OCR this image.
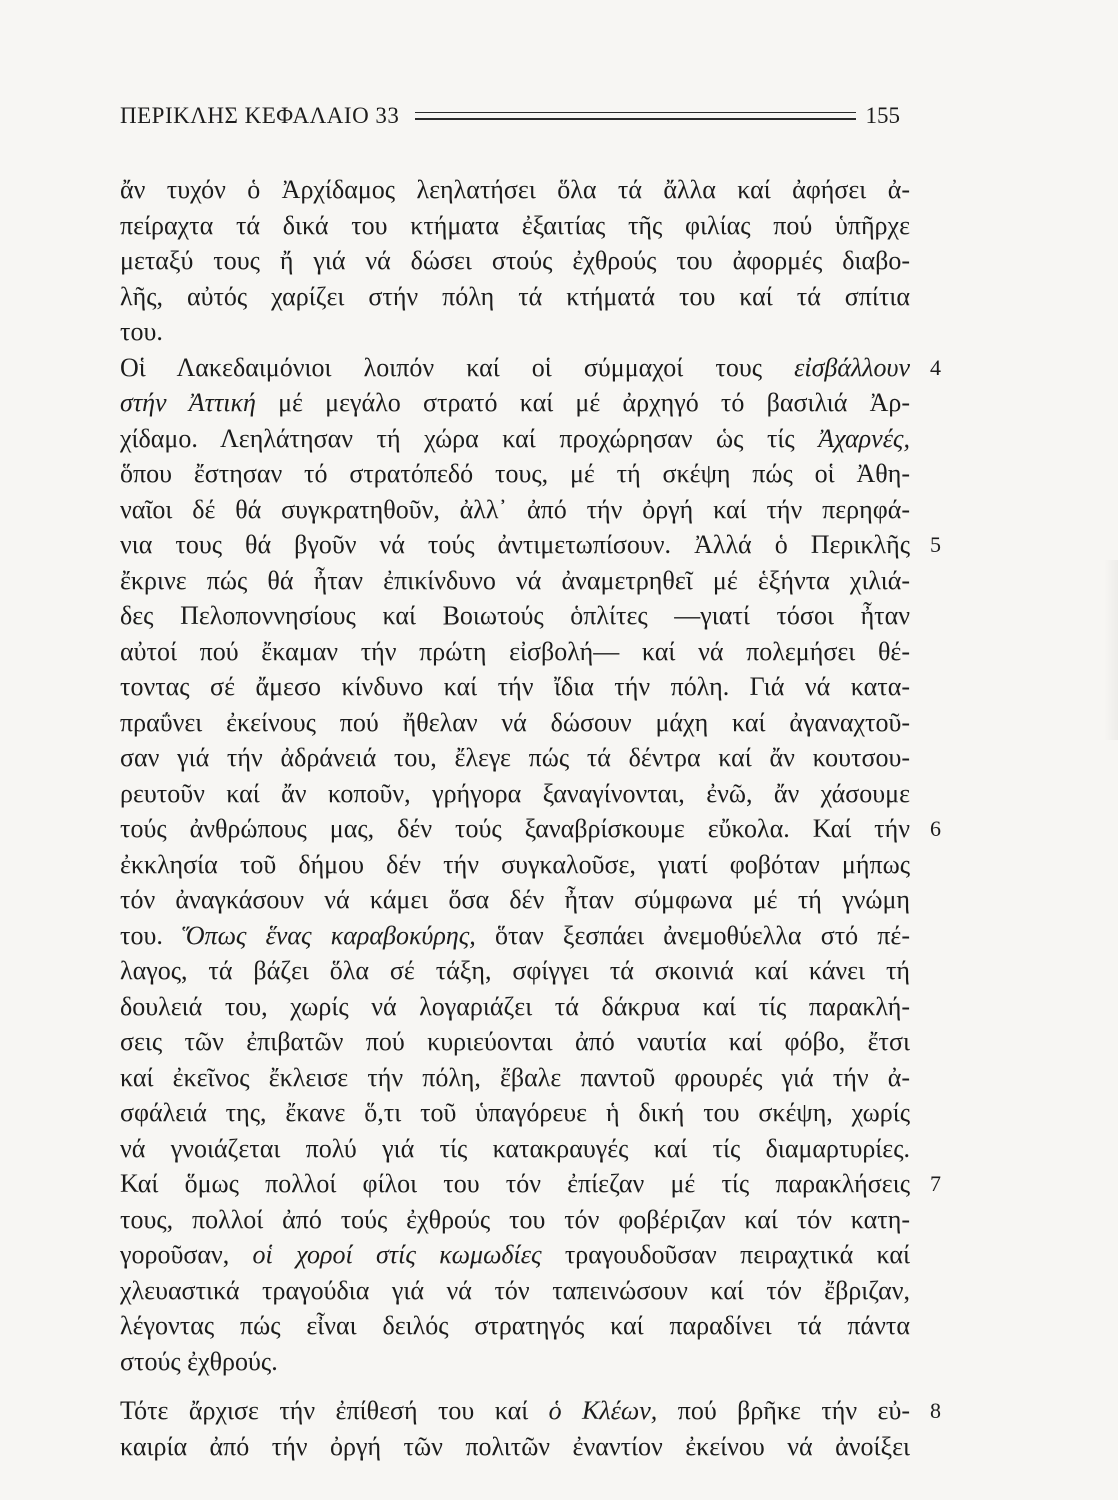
ΠΕΡΙΚΛΗΣ ΚΕΦΑΛΑΙΟ 33	155
ἄν τυχόν ὁ Ἀρχίδαμος λεηλατήσει ὅλα τά ἄλλα καί ἀφήσει ἀ-
πείραχτα τά δικά του κτήματα ἐξαιτίας τῆς φιλίας πού ὑπῆρχε
μεταξύ τους ἤ γιά νά δώσει στούς ἐχθρούς του ἀφορμές διαβο-
λῆς, αὐτός χαρίζει στήν πόλη τά κτήματά του καί τά σπίτια
του.
Οἱ Λακεδαιμόνιοι λοιπόν καί οἱ σύμμαχοί τους εἰσβάλλουν 4
στήν Ἀττική μέ μεγάλο στρατό καί μέ ἀρχηγό τό βασιλιά Ἀρ-
χίδαμο. Λεηλάτησαν τή χώρα καί προχώρησαν ὡς τίς Ἀχαρνές,
ὅπου ἔστησαν τό στρατόπεδό τους, μέ τή σκέψη πώς οἱ Ἀθη-
ναῖοι δέ θά συγκρατηθοῦν, ἀλλ᾽ ἀπό τήν ὀργή καί τήν περηφά-
νια τους θά βγοῦν νά τούς ἀντιμετωπίσουν. Ἀλλά ὁ Περικλῆς 5
ἔκρινε πώς θά ἦταν ἐπικίνδυνο νά ἀναμετρηθεῖ μέ ἑξήντα χιλιά-
δες Πελοποννησίους καί Βοιωτούς ὁπλίτες —γιατί τόσοι ἦταν
αὐτοί πού ἔκαμαν τήν πρώτη εἰσβολή— καί νά πολεμήσει θέ-
τοντας σέ ἄμεσο κίνδυνο καί τήν ἴδια τήν πόλη. Γιά νά κατα-
πραΰνει ἐκείνους πού ἤθελαν νά δώσουν μάχη καί ἀγαναχτοῦ-
σαν γιά τήν ἀδράνειά του, ἔλεγε πώς τά δέντρα καί ἄν κουτσου-
ρευτοῦν καί ἄν κοποῦν, γρήγορα ξαναγίνονται, ἐνῶ, ἄν χάσουμε
τούς ἀνθρώπους μας, δέν τούς ξαναβρίσκουμε εὔκολα. Καί τήν 6
ἐκκλησία τοῦ δήμου δέν τήν συγκαλοῦσε, γιατί φοβόταν μήπως
τόν ἀναγκάσουν νά κάμει ὅσα δέν ἦταν σύμφωνα μέ τή γνώμη
του. Ὅπως ἕνας καραβοκύρης, ὅταν ξεσπάει ἀνεμοθύελλα στό πέ-
λαγος, τά βάζει ὅλα σέ τάξη, σφίγγει τά σκοινιά καί κάνει τή
δουλειά του, χωρίς νά λογαριάζει τά δάκρυα καί τίς παρακλή-
σεις τῶν ἐπιβατῶν πού κυριεύονται ἀπό ναυτία καί φόβο, ἔτσι
καί ἐκεῖνος ἔκλεισε τήν πόλη, ἔβαλε παντοῦ φρουρές γιά τήν ἀ-
σφάλειά της, ἔκανε ὅ,τι τοῦ ὑπαγόρευε ἡ δική του σκέψη, χωρίς
νά γνοιάζεται πολύ γιά τίς κατακραυγές καί τίς διαμαρτυρίες.
Καί ὅμως πολλοί φίλοι του τόν ἐπίεζαν μέ τίς παρακλήσεις 7
τους, πολλοί ἀπό τούς ἐχθρούς του τόν φοβέριζαν καί τόν κατη-
γοροῦσαν, οἱ χοροί στίς κωμωδίες τραγουδοῦσαν πειραχτικά καί
χλευαστικά τραγούδια γιά νά τόν ταπεινώσουν καί τόν ἔβριζαν,
λέγοντας πώς εἶναι δειλός στρατηγός καί παραδίνει τά πάντα
στούς ἐχθρούς.
Τότε ἄρχισε τήν ἐπίθεσή του καί ὁ Κλέων, πού βρῆκε τήν εὐ- 8
καιρία ἀπό τήν ὀργή τῶν πολιτῶν ἐναντίον ἐκείνου νά ἀνοίξει
